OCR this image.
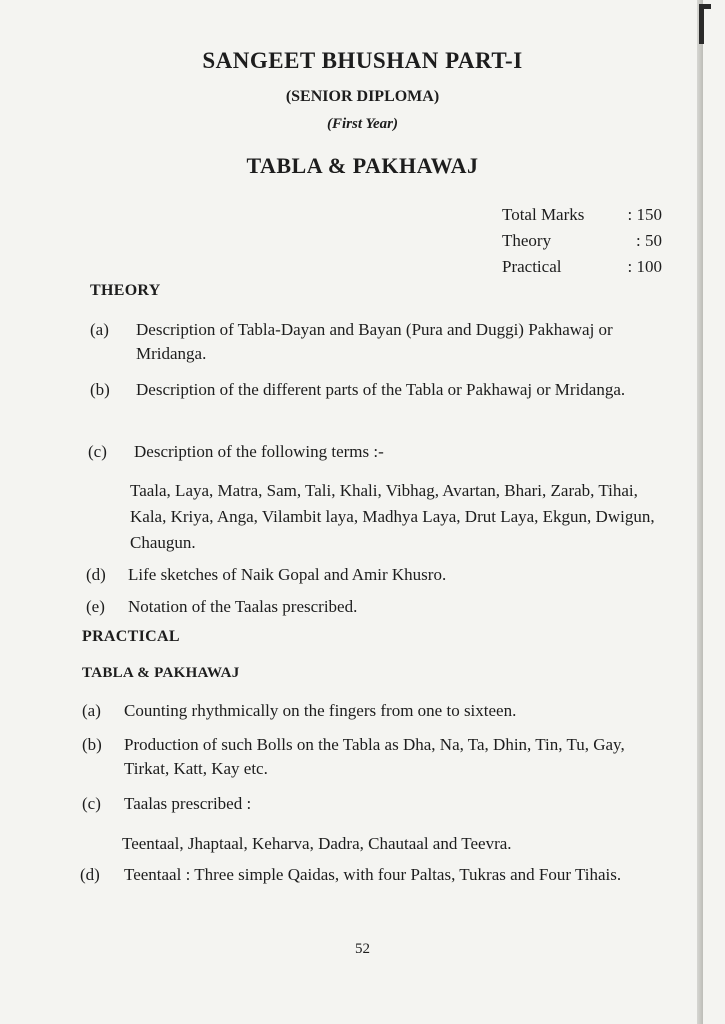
SANGEET BHUSHAN PART-I
(SENIOR DIPLOMA)
(First Year)
TABLA & PAKHAWAJ
Total Marks	: 150
Theory	: 50
Practical	: 100
THEORY
(a)	Description of Tabla-Dayan and Bayan (Pura and Duggi) Pakhawaj or Mridanga.
(b)	Description of the different parts of the Tabla or Pakhawaj or Mridanga.
(c)	Description of the following terms :-
Taala, Laya, Matra, Sam, Tali, Khali, Vibhag, Avartan, Bhari, Zarab, Tihai, Kala, Kriya, Anga, Vilambit laya, Madhya Laya, Drut Laya, Ekgun, Dwigun, Chaugun.
(d)	Life sketches of Naik Gopal and Amir Khusro.
(e)	Notation of the Taalas prescribed.
PRACTICAL
TABLA & PAKHAWAJ
(a)	Counting rhythmically on the fingers from one to sixteen.
(b)	Production of such Bolls on the Tabla as Dha, Na, Ta, Dhin, Tin, Tu, Gay, Tirkat, Katt, Kay etc.
(c)	Taalas prescribed :
Teentaal, Jhaptaal, Keharva, Dadra, Chautaal and Teevra.
(d)	Teentaal : Three simple Qaidas, with four Paltas, Tukras and Four Tihais.
52
